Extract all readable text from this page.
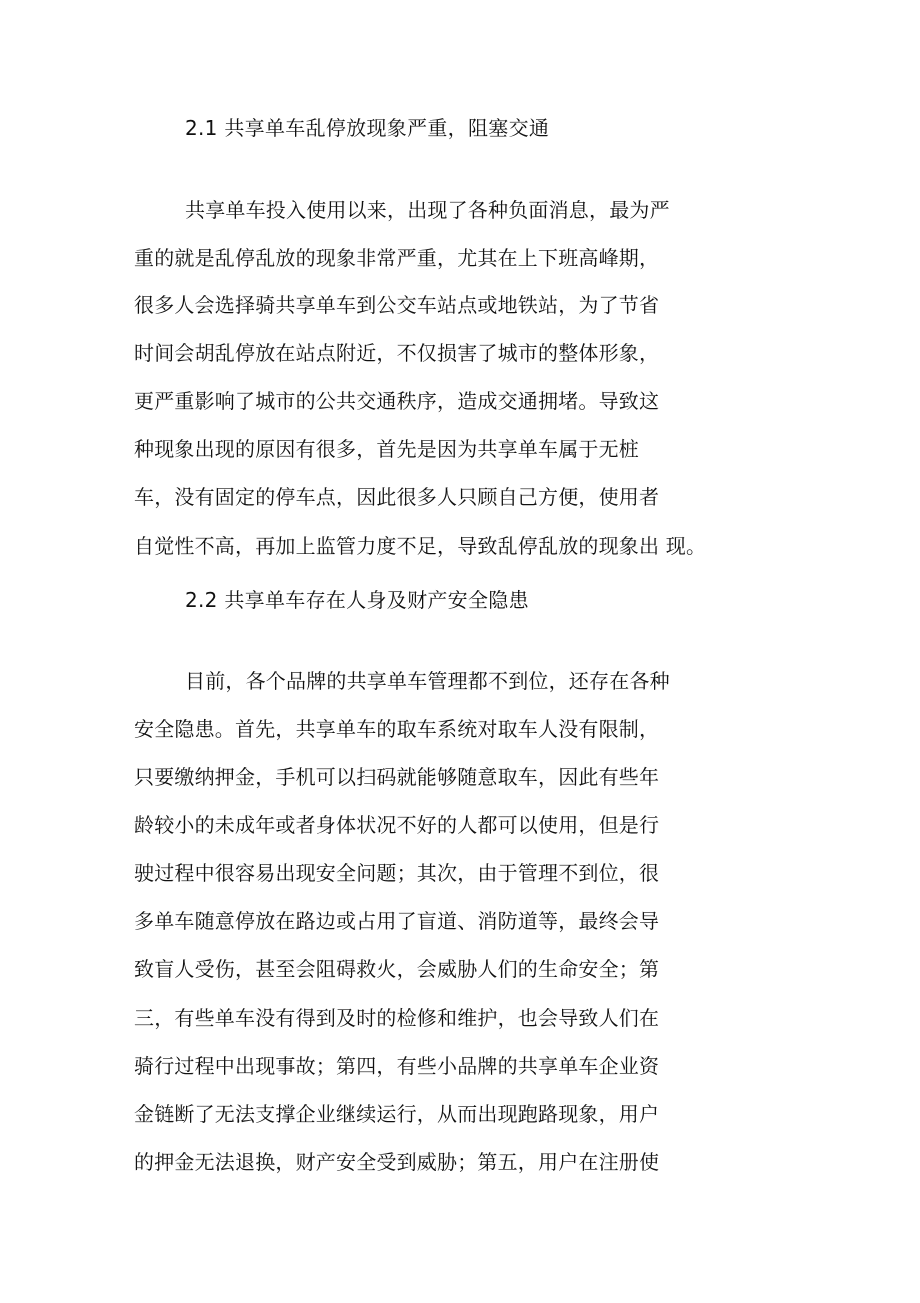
2.1 共享单车乱停放现象严重，阻塞交通
共享单车投入使用以来，出现了各种负面消息，最为严
重的就是乱停乱放的现象非常严重，尤其在上下班高峰期，
很多人会选择骑共享单车到公交车站点或地铁站，为了节省
时间会胡乱停放在站点附近，不仅损害了城市的整体形象，
更严重影响了城市的公共交通秩序，造成交通拥堵。导致这
种现象出现的原因有很多，首先是因为共享单车属于无桩
车，没有固定的停车点，因此很多人只顾自己方便，使用者
自觉性不高，再加上监管力度不足，导致乱停乱放的现象出 现。
2.2 共享单车存在人身及财产安全隐患
目前，各个品牌的共享单车管理都不到位，还存在各种
安全隐患。首先，共享单车的取车系统对取车人没有限制，
只要缴纳押金，手机可以扫码就能够随意取车，因此有些年
龄较小的未成年或者身体状况不好的人都可以使用，但是行
驶过程中很容易出现安全问题；其次，由于管理不到位，很
多单车随意停放在路边或占用了盲道、消防道等，最终会导
致盲人受伤，甚至会阻碍救火，会威胁人们的生命安全；第
三，有些单车没有得到及时的检修和维护，也会导致人们在
骑行过程中出现事故；第四，有些小品牌的共享单车企业资
金链断了无法支撑企业继续运行，从而出现跑路现象，用户
的押金无法退换，财产安全受到威胁；第五，用户在注册使
